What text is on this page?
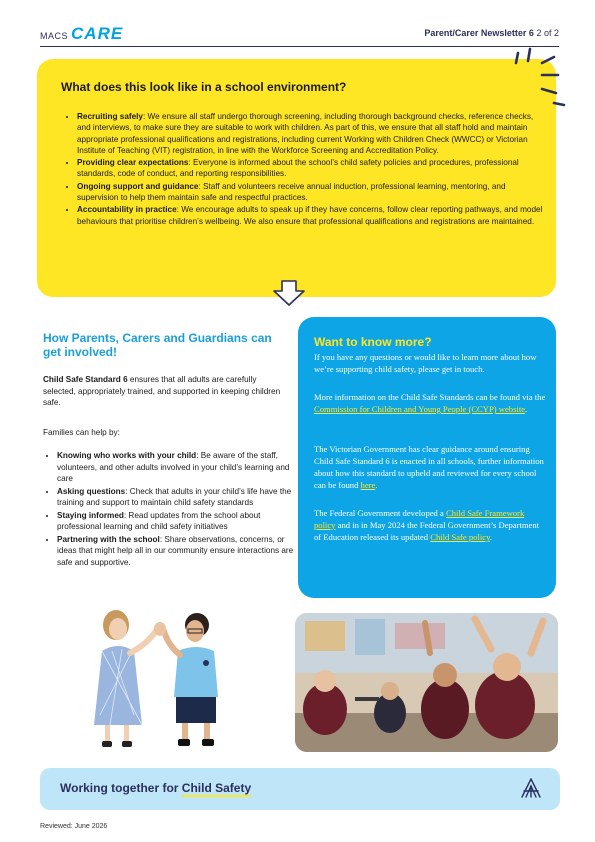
MACS CARE	Parent/Carer Newsletter 6 2 of 2
What does this look like in a school environment?
• Recruiting safely: We ensure all staff undergo thorough screening, including thorough background checks, reference checks, and interviews, to make sure they are suitable to work with children. As part of this, we ensure that all staff hold and maintain appropriate professional qualifications and registrations, including current Working with Children Check (WWCC) or Victorian Institute of Teaching (VIT) registration, in line with the Workforce Screening and Accreditation Policy.
• Providing clear expectations: Everyone is informed about the school’s child safety policies and procedures, professional standards, code of conduct, and reporting responsibilities.
• Ongoing support and guidance: Staff and volunteers receive annual induction, professional learning, mentoring, and supervision to help them maintain safe and respectful practices.
• Accountability in practice: We encourage adults to speak up if they have concerns, follow clear reporting pathways, and model behaviours that prioritise children’s wellbeing. We also ensure that professional qualifications and registrations are maintained.
How Parents, Carers and Guardians can get involved!

Child Safe Standard 6 ensures that all adults are carefully selected, appropriately trained, and supported in keeping children safe.

Families can help by:

• Knowing who works with your child: Be aware of the staff, volunteers, and other adults involved in your child’s learning and care
• Asking questions: Check that adults in your child’s life have the training and support to maintain child safety standards
• Staying informed: Read updates from the school about professional learning and child safety initiatives
• Partnering with the school: Share observations, concerns, or ideas that might help all in our community ensure interactions are safe and supportive.
Want to know more?

If you have any questions or would like to learn more about how we’re supporting child safety, please get in touch.

More information on the Child Safe Standards can be found via the Commission for Children and Young People (CCYP) website.

The Victorian Government has clear guidance around ensuring Child Safe Standard 6 is enacted in all schools, further information about how this standard to upheld and reviewed for every school can be found here.

The Federal Government developed a Child Safe Framework policy and in in May 2024 the Federal Government’s Department of Education released its updated Child Safe policy.

Working together for Child Safety
Reviewed: June 2026
